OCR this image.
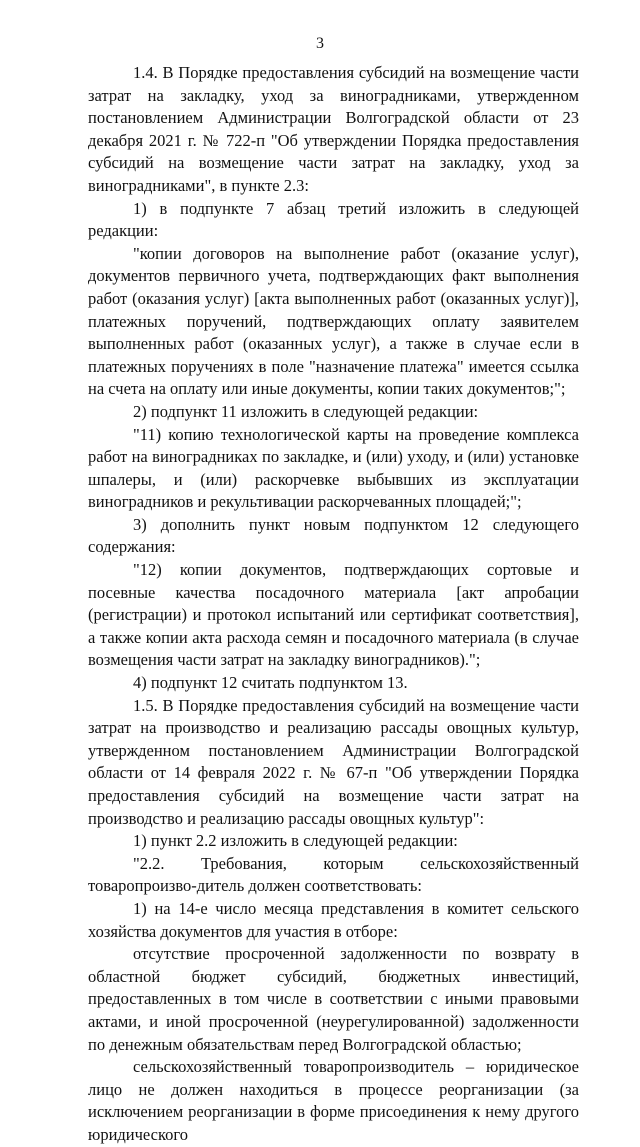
3

1.4. В Порядке предоставления субсидий на возмещение части затрат на закладку, уход за виноградниками, утвержденном постановлением Администрации Волгоградской области от 23 декабря 2021 г. № 722-п "Об утверждении Порядка предоставления субсидий на возмещение части затрат на закладку, уход за виноградниками", в пункте 2.3:

1) в подпункте 7 абзац третий изложить в следующей редакции:

"копии договоров на выполнение работ (оказание услуг), документов первичного учета, подтверждающих факт выполнения работ (оказания услуг) [акта выполненных работ (оказанных услуг)], платежных поручений, подтверждающих оплату заявителем выполненных работ (оказанных услуг), а также в случае если в платежных поручениях в поле "назначение платежа" имеется ссылка на счета на оплату или иные документы, копии таких документов;";

2) подпункт 11 изложить в следующей редакции:

"11) копию технологической карты на проведение комплекса работ на виноградниках по закладке, и (или) уходу, и (или) установке шпалеры, и (или) раскорчевке выбывших из эксплуатации виноградников и рекультивации раскорчеванных площадей;";

3) дополнить пункт новым подпунктом 12 следующего содержания:

"12) копии документов, подтверждающих сортовые и посевные качества посадочного материала [акт апробации (регистрации) и протокол испытаний или сертификат соответствия], а также копии акта расхода семян и посадочного материала (в случае возмещения части затрат на закладку виноградников).";

4) подпункт 12 считать подпунктом 13.

1.5. В Порядке предоставления субсидий на возмещение части затрат на производство и реализацию рассады овощных культур, утвержденном постановлением Администрации Волгоградской области от 14 февраля 2022 г. № 67-п "Об утверждении Порядка предоставления субсидий на возмещение части затрат на производство и реализацию рассады овощных культур":

1) пункт 2.2 изложить в следующей редакции:

"2.2. Требования, которым сельскохозяйственный товаропроизво-дитель должен соответствовать:

1) на 14-е число месяца представления в комитет сельского хозяйства документов для участия в отборе:

отсутствие просроченной задолженности по возврату в областной бюджет субсидий, бюджетных инвестиций, предоставленных в том числе в соответствии с иными правовыми актами, и иной просроченной (неурегулированной) задолженности по денежным обязательствам перед Волгоградской областью;

сельскохозяйственный товаропроизводитель – юридическое лицо не должен находиться в процессе реорганизации (за исключением реорганизации в форме присоединения к нему другого юридического
